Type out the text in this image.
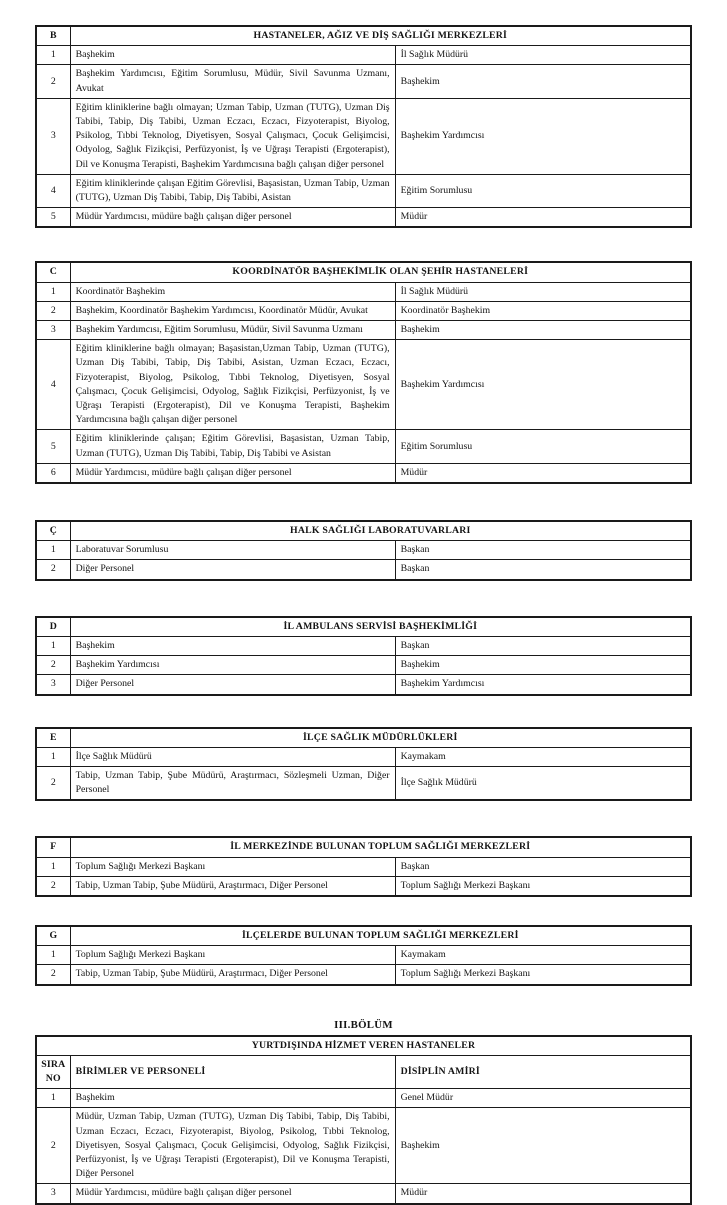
B	HASTANELER, AĞIZ VE DİŞ SAĞLIĞI MERKEZLERİ	
1	Başhekim	İl Sağlık Müdürü
2	Başhekim Yardımcısı, Eğitim Sorumlusu, Müdür, Sivil Savunma Uzmanı, Avukat	Başhekim
3	Eğitim kliniklerine bağlı olmayan; Uzman Tabip, Uzman (TUTG), Uzman Diş Tabibi, Tabip, Diş Tabibi, Uzman Eczacı, Eczacı, Fizyoterapist, Biyolog, Psikolog, Tıbbi Teknolog, Diyetisyen, Sosyal Çalışmacı, Çocuk Gelişimcisi, Odyolog, Sağlık Fizikçisi, Perfüzyonist, İş ve Uğraşı Terapisti (Ergoterapist), Dil ve Konuşma Terapisti, Başhekim Yardımcısına bağlı çalışan diğer personel	Başhekim Yardımcısı
4	Eğitim kliniklerinde çalışan Eğitim Görevlisi, Başasistan, Uzman Tabip, Uzman (TUTG), Uzman Diş Tabibi, Tabip, Diş Tabibi, Asistan	Eğitim Sorumlusu
5	Müdür Yardımcısı, müdüre bağlı çalışan diğer personel	Müdür
C	KOORDİNATÖR BAŞHEKİMLİK OLAN ŞEHİR HASTANELERİ	
1	Koordinatör Başhekim	İl Sağlık Müdürü
2	Başhekim, Koordinatör Başhekim Yardımcısı, Koordinatör Müdür, Avukat	Koordinatör Başhekim
3	Başhekim Yardımcısı, Eğitim Sorumlusu, Müdür, Sivil Savunma Uzmanı	Başhekim
4	Eğitim kliniklerine bağlı olmayan; Başasistan,Uzman Tabip, Uzman (TUTG), Uzman Diş Tabibi, Tabip, Diş Tabibi, Asistan, Uzman Eczacı, Eczacı, Fizyoterapist, Biyolog, Psikolog, Tıbbi Teknolog, Diyetisyen, Sosyal Çalışmacı, Çocuk Gelişimcisi, Odyolog, Sağlık Fizikçisi, Perfüzyonist, İş ve Uğraşı Terapisti (Ergoterapist), Dil ve Konuşma Terapisti, Başhekim Yardımcısına bağlı çalışan diğer personel	Başhekim Yardımcısı
5	Eğitim kliniklerinde çalışan; Eğitim Görevlisi, Başasistan, Uzman Tabip, Uzman (TUTG), Uzman Diş Tabibi, Tabip, Diş Tabibi ve Asistan	Eğitim Sorumlusu
6	Müdür Yardımcısı, müdüre bağlı çalışan diğer personel	Müdür
Ç	HALK SAĞLIĞI LABORATUVARLARI	
1	Laboratuvar Sorumlusu	Başkan
2	Diğer Personel	Başkan
D	İL AMBULANS SERVİSİ BAŞHEKİMLİĞİ	
1	Başhekim	Başkan
2	Başhekim Yardımcısı	Başhekim
3	Diğer Personel	Başhekim Yardımcısı
E	İLÇE SAĞLIK MÜDÜRLÜKLERİ	
1	İlçe Sağlık Müdürü	Kaymakam
2	Tabip, Uzman Tabip, Şube Müdürü, Araştırmacı, Sözleşmeli Uzman, Diğer Personel	İlçe Sağlık Müdürü
F	İL MERKEZİNDE BULUNAN TOPLUM SAĞLIĞI MERKEZLERİ	
1	Toplum Sağlığı Merkezi Başkanı	Başkan
2	Tabip, Uzman Tabip, Şube Müdürü, Araştırmacı, Diğer Personel	Toplum Sağlığı Merkezi Başkanı
G	İLÇELERDE BULUNAN TOPLUM SAĞLIĞI MERKEZLERİ	
1	Toplum Sağlığı Merkezi Başkanı	Kaymakam
2	Tabip, Uzman Tabip, Şube Müdürü, Araştırmacı, Diğer Personel	Toplum Sağlığı Merkezi Başkanı
III.BÖLÜM
YURTDIŞINDA HİZMET VEREN HASTANELER		
SIRA NO	BİRİMLER VE PERSONELİ	DİSİPLİN AMİRİ
1	Başhekim	Genel Müdür
2	Müdür, Uzman Tabip, Uzman (TUTG), Uzman Diş Tabibi, Tabip, Diş Tabibi, Uzman Eczacı, Eczacı, Fizyoterapist, Biyolog, Psikolog, Tıbbi Teknolog, Diyetisyen, Sosyal Çalışmacı, Çocuk Gelişimcisi, Odyolog, Sağlık Fizikçisi, Perfüzyonist, İş ve Uğraşı Terapisti (Ergoterapist), Dil ve Konuşma Terapisti, Diğer Personel	Başhekim
3	Müdür Yardımcısı, müdüre bağlı çalışan diğer personel	Müdür
